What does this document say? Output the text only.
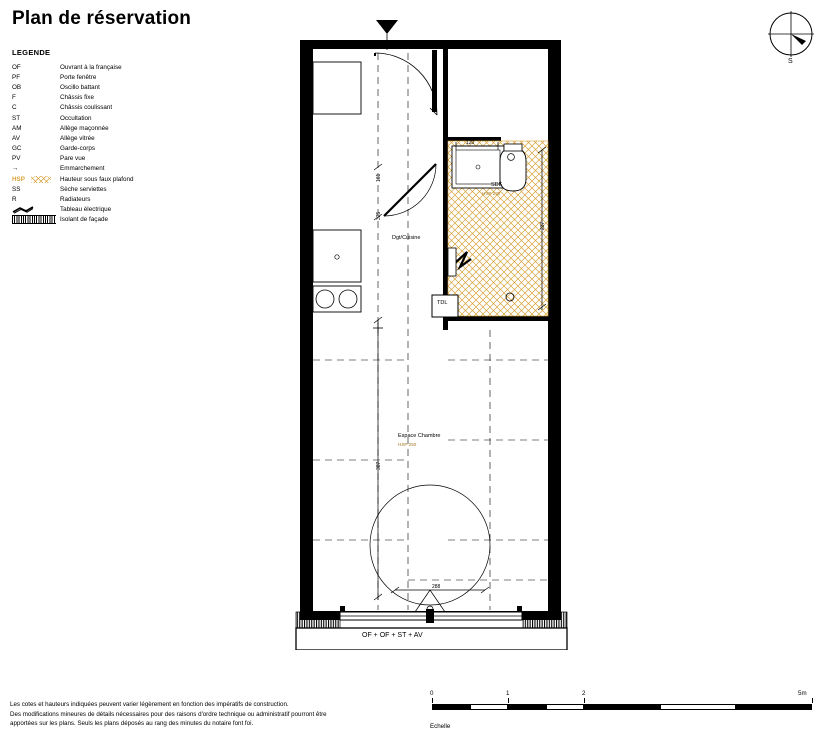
Plan de réservation
LEGENDE
OF	Ouvrant à la française
PF	Porte fenêtre
OB	Oscillo battant
F	Châssis fixe
C	Châssis coulissant
ST	Occultation
AM	Allège maçonnée
AV	Allège vitrée
GC	Garde-corps
PV	Pare vue
→	Emmarchement
HSP	Hauteur sous faux plafond
SS	Sèche serviettes
R	Radiateurs
Tableau électrique
Isolant de façade
S
Dgt/Cuisine
SDE
HSP 230
Espace Chambre
HSP 250
TDL
161
325
387
237
120
288
OF + OF + ST + AV
Les cotes et hauteurs indiquées peuvent varier légèrement en fonction des impératifs de construction.
Des modifications mineures de détails nécessaires pour des raisons d'ordre technique ou administratif pourront être
apportées sur les plans. Seuls les plans déposés au rang des minutes du notaire font foi.
0	1	2	5m
Echelle
